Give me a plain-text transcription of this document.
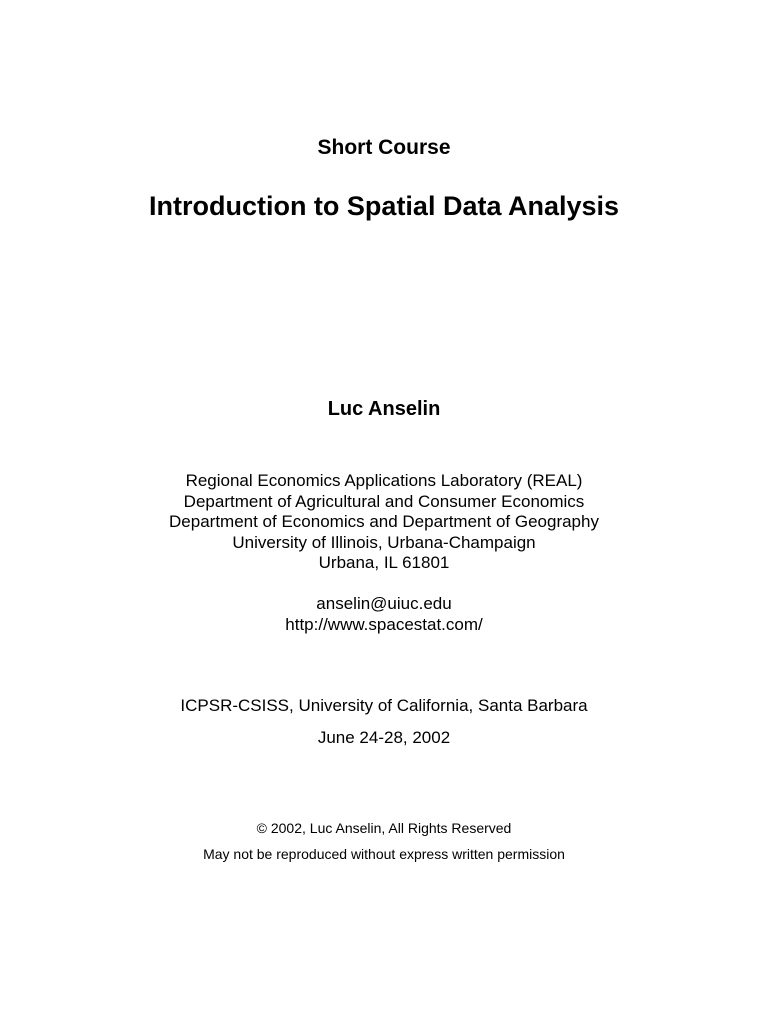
Short Course
Introduction to Spatial Data Analysis
Luc Anselin
Regional Economics Applications Laboratory (REAL)
Department of Agricultural and Consumer Economics
Department of Economics and Department of Geography
University of Illinois, Urbana-Champaign
Urbana, IL 61801
anselin@uiuc.edu
http://www.spacestat.com/
ICPSR-CSISS, University of California, Santa Barbara
June 24-28, 2002
© 2002, Luc Anselin, All Rights Reserved
May not be reproduced without express written permission
